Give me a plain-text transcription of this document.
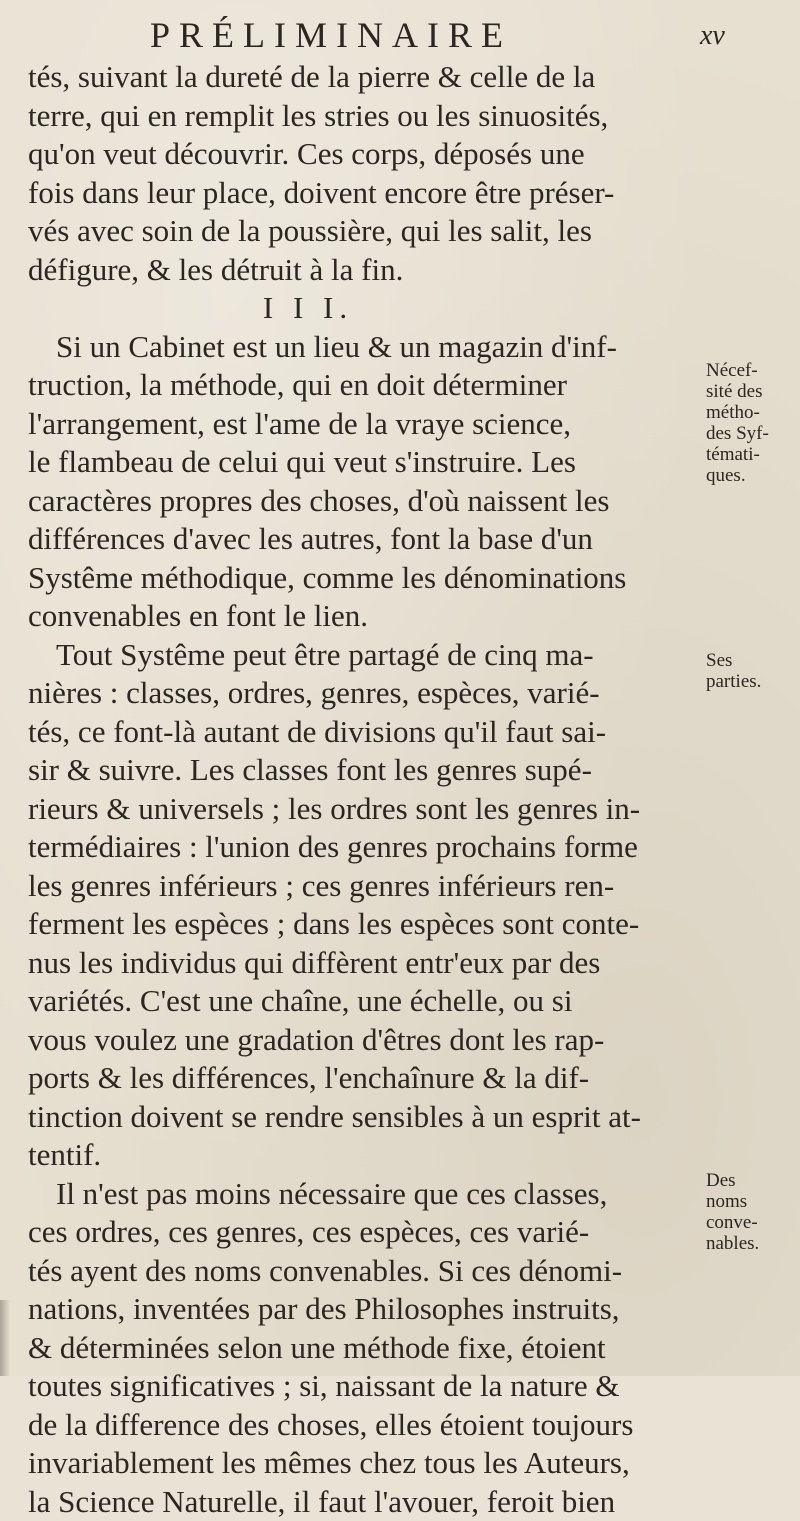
PRÉLIMINAIRE	xv
tés, suivant la dureté de la pierre & celle de la
terre, qui en remplit les stries ou les sinuosités,
qu'on veut découvrir. Ces corps, déposés une
fois dans leur place, doivent encore être préser-
vés avec soin de la poussière, qui les salit, les
défigure, & les détruit à la fin.
I I I.
Si un Cabinet est un lieu & un magazin d'inf-
truction, la méthode, qui en doit déterminer
l'arrangement, est l'ame de la vraye science,
le flambeau de celui qui veut s'instruire. Les
caractères propres des choses, d'où naissent les
différences d'avec les autres, font la base d'un
Systême méthodique, comme les dénominations
convenables en font le lien.
Tout Systême peut être partagé de cinq ma-
nières : classes, ordres, genres, espèces, varié-
tés, ce font-là autant de divisions qu'il faut sai-
sir & suivre. Les classes font les genres supé-
rieurs & universels ; les ordres sont les genres in-
termédiaires : l'union des genres prochains forme
les genres inférieurs ; ces genres inférieurs ren-
ferment les espèces ; dans les espèces sont conte-
nus les individus qui diffèrent entr'eux par des
variétés. C'est une chaîne, une échelle, ou si
vous voulez une gradation d'êtres dont les rap-
ports & les différences, l'enchaînure & la dif-
tinction doivent se rendre sensibles à un esprit at-
tentif.
Il n'est pas moins nécessaire que ces classes,
ces ordres, ces genres, ces espèces, ces varié-
tés ayent des noms convenables. Si ces dénomi-
nations, inventées par des Philosophes instruits,
& déterminées selon une méthode fixe, étoient
toutes significatives ; si, naissant de la nature &
de la difference des choses, elles étoient toujours
invariablement les mêmes chez tous les Auteurs,
la Science Naturelle, il faut l'avouer, feroit bien
Nécef-
sité des
métho-
des Syf-
témati-
ques.
Ses
parties.
Des
noms
conve-
nables.
